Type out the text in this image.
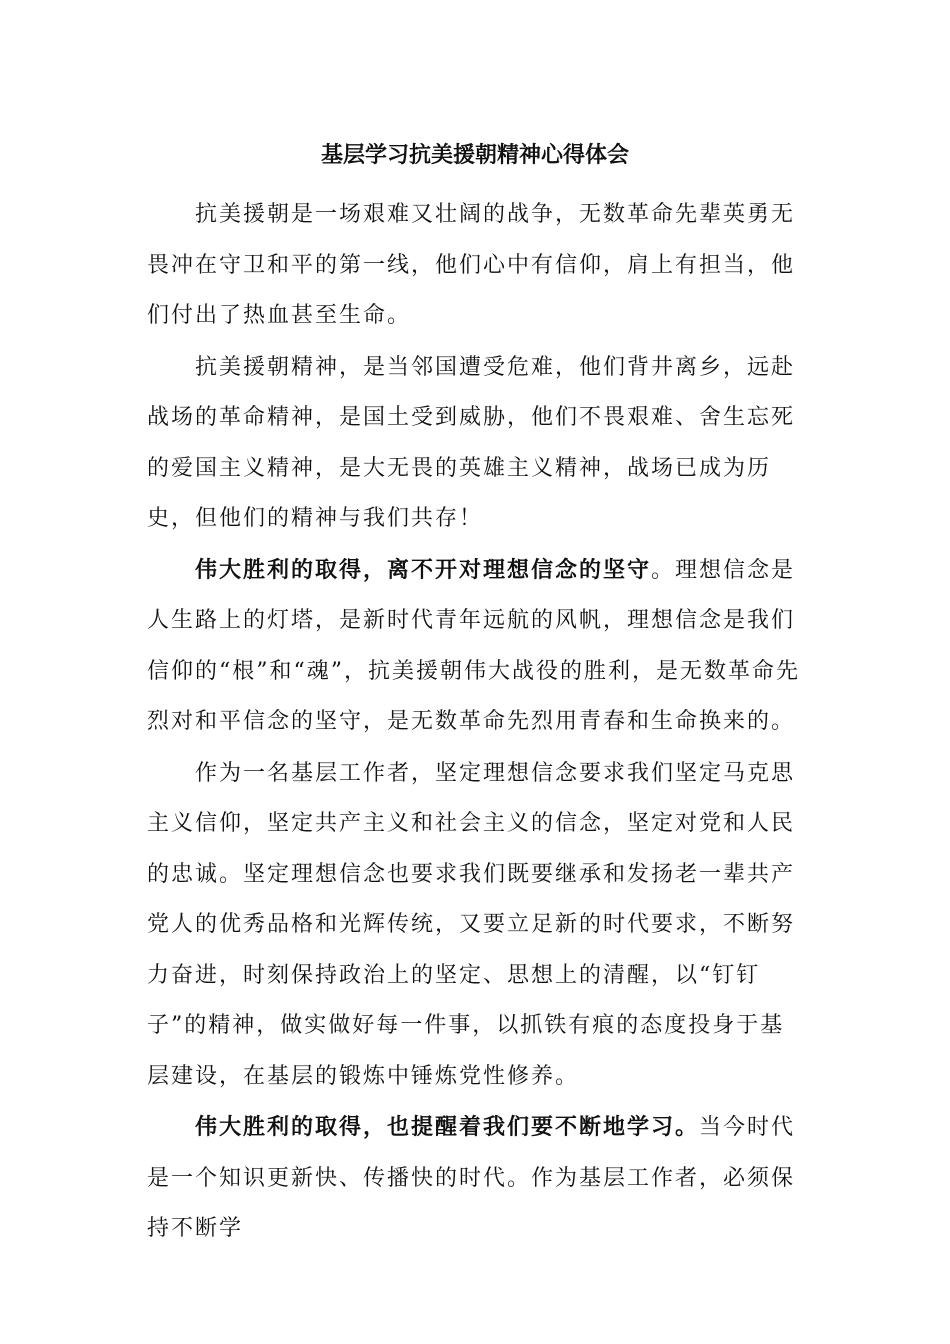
基层学习抗美援朝精神心得体会

抗美援朝是一场艰难又壮阔的战争，无数革命先辈英勇无畏冲在守卫和平的第一线，他们心中有信仰，肩上有担当，他们付出了热血甚至生命。

抗美援朝精神，是当邻国遭受危难，他们背井离乡，远赴战场的革命精神，是国土受到威胁，他们不畏艰难、舍生忘死的爱国主义精神，是大无畏的英雄主义精神，战场已成为历史，但他们的精神与我们共存！

伟大胜利的取得，离不开对理想信念的坚守。理想信念是人生路上的灯塔，是新时代青年远航的风帆，理想信念是我们信仰的“根”和“魂”，抗美援朝伟大战役的胜利，是无数革命先烈对和平信念的坚守，是无数革命先烈用青春和生命换来的。

作为一名基层工作者，坚定理想信念要求我们坚定马克思主义信仰，坚定共产主义和社会主义的信念，坚定对党和人民的忠诚。坚定理想信念也要求我们既要继承和发扬老一辈共产党人的优秀品格和光辉传统，又要立足新的时代要求，不断努力奋进，时刻保持政治上的坚定、思想上的清醒，以“钉钉子”的精神，做实做好每一件事，以抓铁有痕的态度投身于基层建设，在基层的锻炼中锤炼党性修养。

伟大胜利的取得，也提醒着我们要不断地学习。当今时代是一个知识更新快、传播快的时代。作为基层工作者，必须保持不断学
